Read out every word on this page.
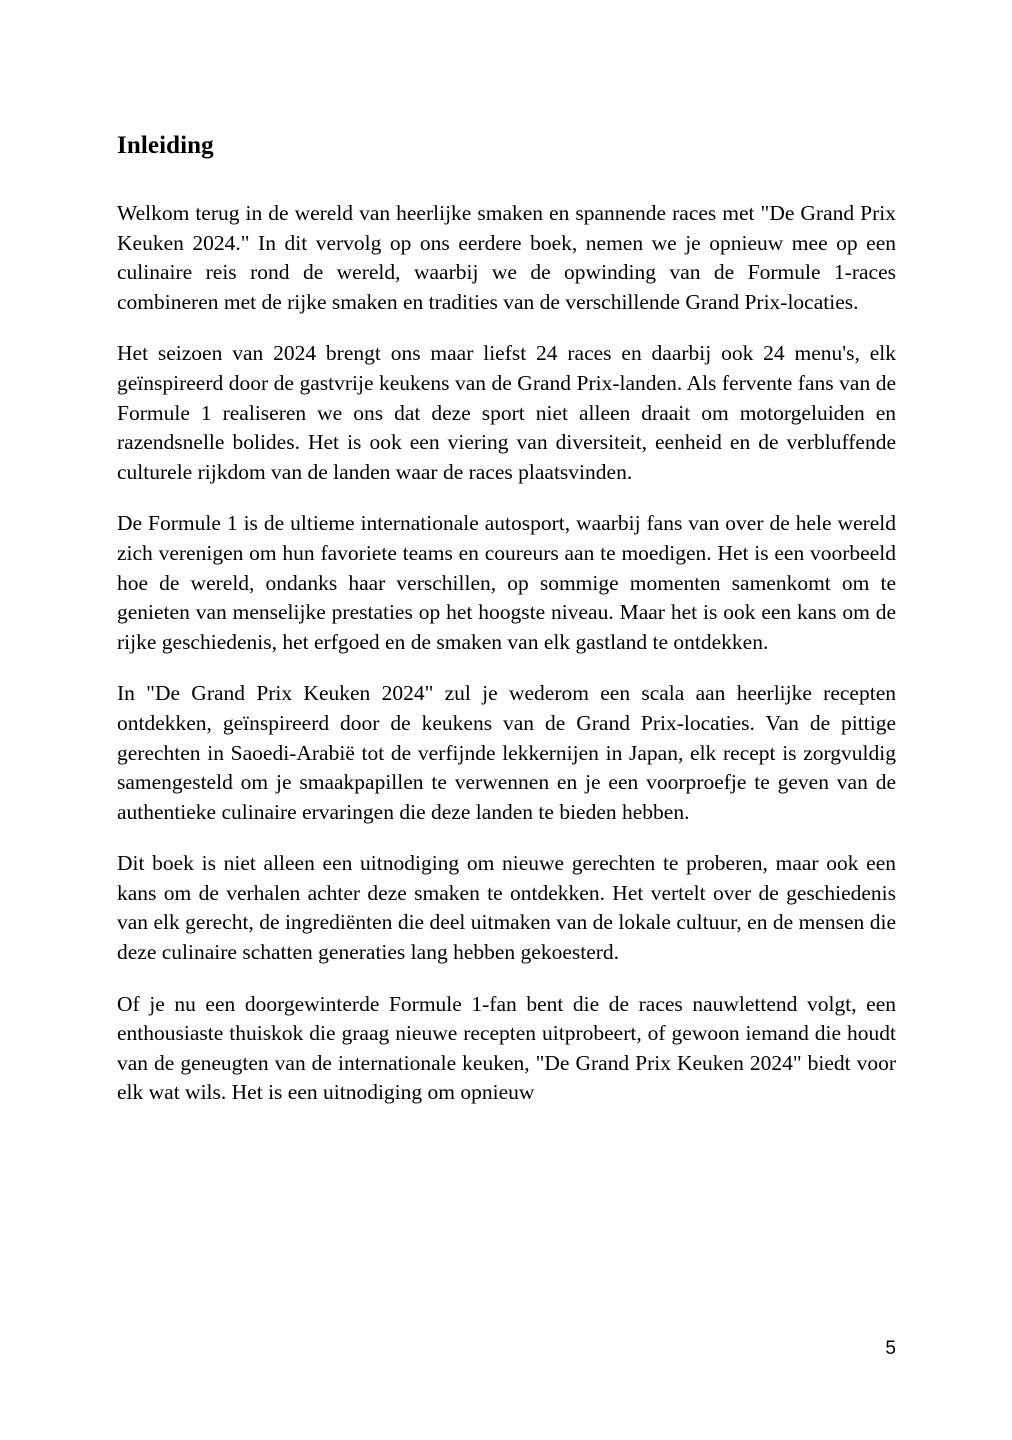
Inleiding

Welkom terug in de wereld van heerlijke smaken en spannende races met "De Grand Prix Keuken 2024." In dit vervolg op ons eerdere boek, nemen we je opnieuw mee op een culinaire reis rond de wereld, waarbij we de opwinding van de Formule 1-races combineren met de rijke smaken en tradities van de verschillende Grand Prix-locaties.

Het seizoen van 2024 brengt ons maar liefst 24 races en daarbij ook 24 menu's, elk geïnspireerd door de gastvrije keukens van de Grand Prix-landen. Als fervente fans van de Formule 1 realiseren we ons dat deze sport niet alleen draait om motorgeluiden en razendsnelle bolides. Het is ook een viering van diversiteit, eenheid en de verbluffende culturele rijkdom van de landen waar de races plaatsvinden.

De Formule 1 is de ultieme internationale autosport, waarbij fans van over de hele wereld zich verenigen om hun favoriete teams en coureurs aan te moedigen. Het is een voorbeeld hoe de wereld, ondanks haar verschillen, op sommige momenten samenkomt om te genieten van menselijke prestaties op het hoogste niveau. Maar het is ook een kans om de rijke geschiedenis, het erfgoed en de smaken van elk gastland te ontdekken.

In "De Grand Prix Keuken 2024" zul je wederom een scala aan heerlijke recepten ontdekken, geïnspireerd door de keukens van de Grand Prix-locaties. Van de pittige gerechten in Saoedi-Arabië tot de verfijnde lekkernijen in Japan, elk recept is zorgvuldig samengesteld om je smaakpapillen te verwennen en je een voorproefje te geven van de authentieke culinaire ervaringen die deze landen te bieden hebben.

Dit boek is niet alleen een uitnodiging om nieuwe gerechten te proberen, maar ook een kans om de verhalen achter deze smaken te ontdekken. Het vertelt over de geschiedenis van elk gerecht, de ingrediënten die deel uitmaken van de lokale cultuur, en de mensen die deze culinaire schatten generaties lang hebben gekoesterd.

Of je nu een doorgewinterde Formule 1-fan bent die de races nauwlettend volgt, een enthousiaste thuiskok die graag nieuwe recepten uitprobeert, of gewoon iemand die houdt van de geneugten van de internationale keuken, "De Grand Prix Keuken 2024" biedt voor elk wat wils. Het is een uitnodiging om opnieuw

5
